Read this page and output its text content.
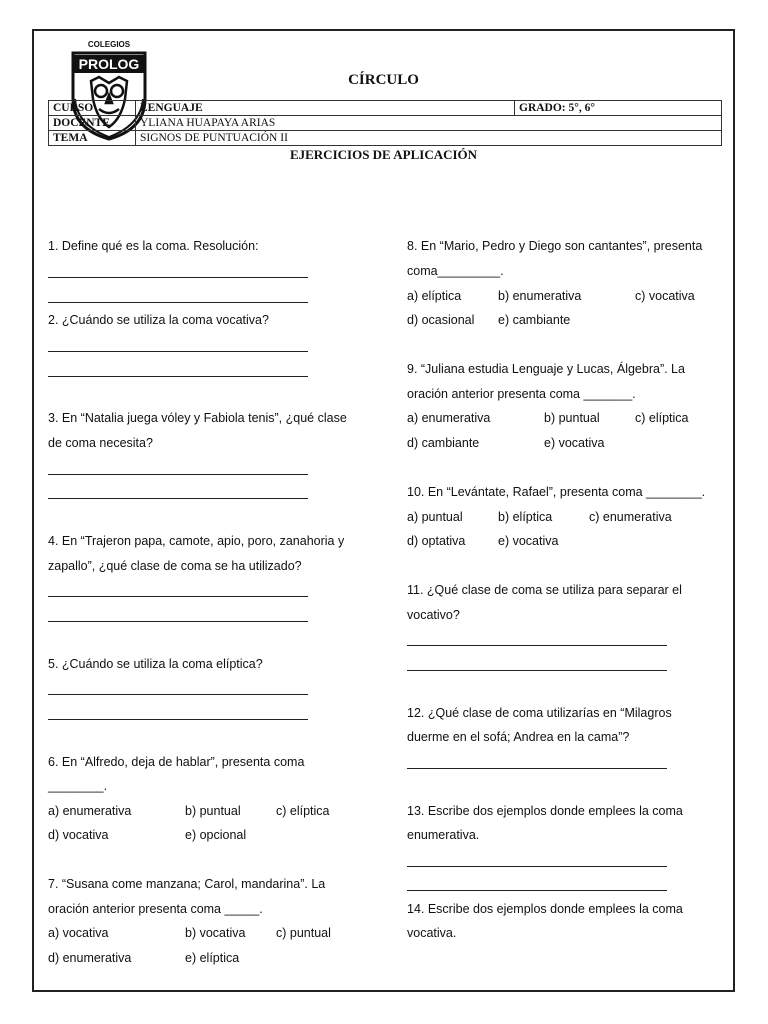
COLEGIOS
PROLOG
CÍRCULO
CURSO	LENGUAJE	GRADO: 5°, 6°
DOCENTE	YLIANA HUAPAYA ARIAS	
TEMA	SIGNOS DE PUNTUACIÓN II	
EJERCICIOS DE APLICACIÓN
1. Define qué es la coma. Resolución:
2. ¿Cuándo se utiliza la coma vocativa?
3. En “Natalia juega vóley y Fabiola tenis”, ¿qué clase
de coma necesita?
4. En “Trajeron papa, camote, apio, poro, zanahoria y
zapallo”, ¿qué clase de coma se ha utilizado?
5. ¿Cuándo se utiliza la coma elíptica?
6. En “Alfredo, deja de hablar”, presenta coma
________.
a) enumerativa	b) puntual	c) elíptica
d) vocativa	e) opcional
7. “Susana come manzana; Carol, mandarina”. La
oración anterior presenta coma _____.
a) vocativa	b) vocativa c) puntual
d) enumerativa	e) elíptica
8. En “Mario, Pedro y Diego son cantantes”, presenta
coma_________.
a) elíptica	b) enumerativa	c) vocativa
d) ocasional e) cambiante
9. “Juliana estudia Lenguaje y Lucas, Álgebra”. La
oración anterior presenta coma _______.
a) enumerativa	b) puntual	c) elíptica
d) cambiante	e) vocativa
10. En “Levántate, Rafael”, presenta coma ________.
a) puntual	b) elíptica	c) enumerativa
d) optativa	e) vocativa
11. ¿Qué clase de coma se utiliza para separar el
vocativo?
12. ¿Qué clase de coma utilizarías en “Milagros
duerme en el sofá; Andrea en la cama”?
13. Escribe dos ejemplos donde emplees la coma
enumerativa.
14. Escribe dos ejemplos donde emplees la coma
vocativa.
